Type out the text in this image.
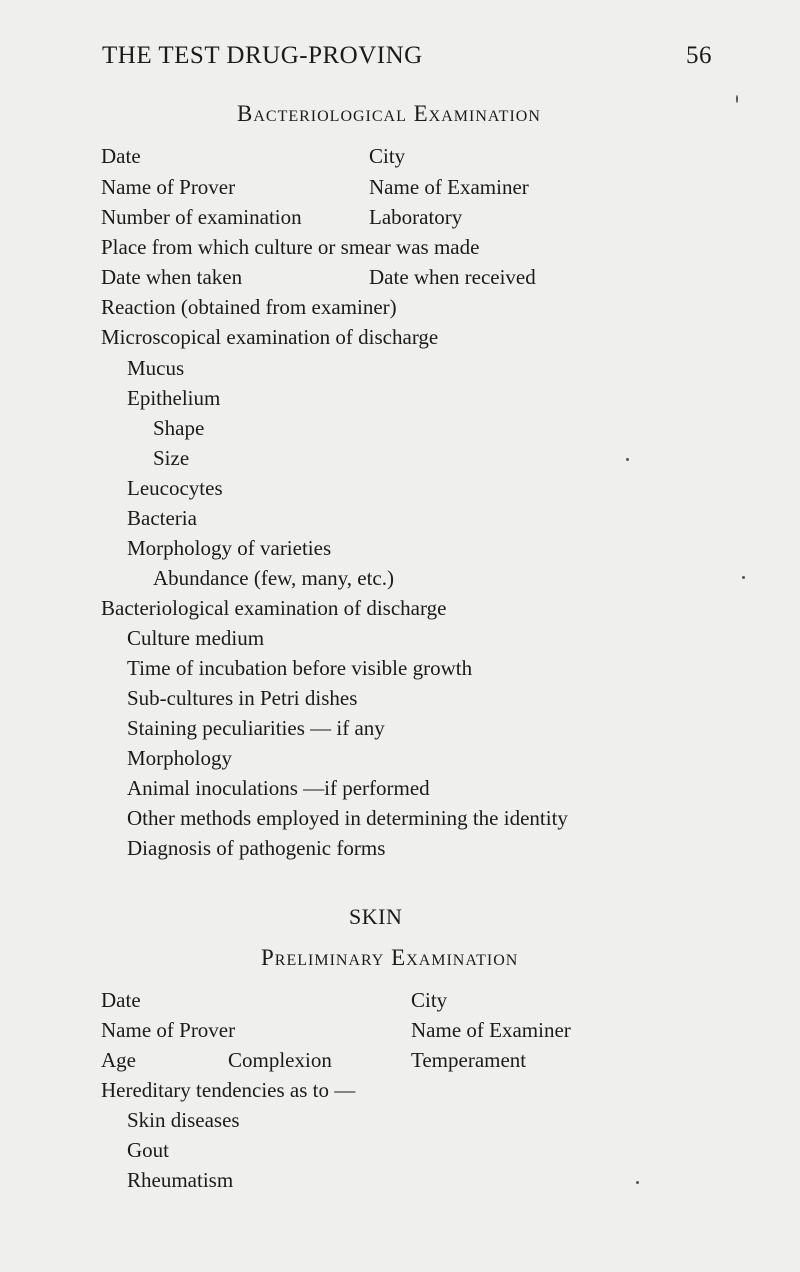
THE TEST DRUG-PROVING	56
Bacteriological Examination
Date	City
Name of Prover	Name of Examiner
Number of examination	Laboratory
Place from which culture or smear was made
Date when taken	Date when received
Reaction (obtained from examiner)
Microscopical examination of discharge
Mucus
Epithelium
Shape
Size
Leucocytes
Bacteria
Morphology of varieties
Abundance (few, many, etc.)
Bacteriological examination of discharge
Culture medium
Time of incubation before visible growth
Sub-cultures in Petri dishes
Staining peculiarities — if any
Morphology
Animal inoculations —if performed
Other methods employed in determining the identity
Diagnosis of pathogenic forms
SKIN
Preliminary Examination
Date	City
Name of Prover	Name of Examiner
Age	Complexion	Temperament
Hereditary tendencies as to —
Skin diseases
Gout
Rheumatism
